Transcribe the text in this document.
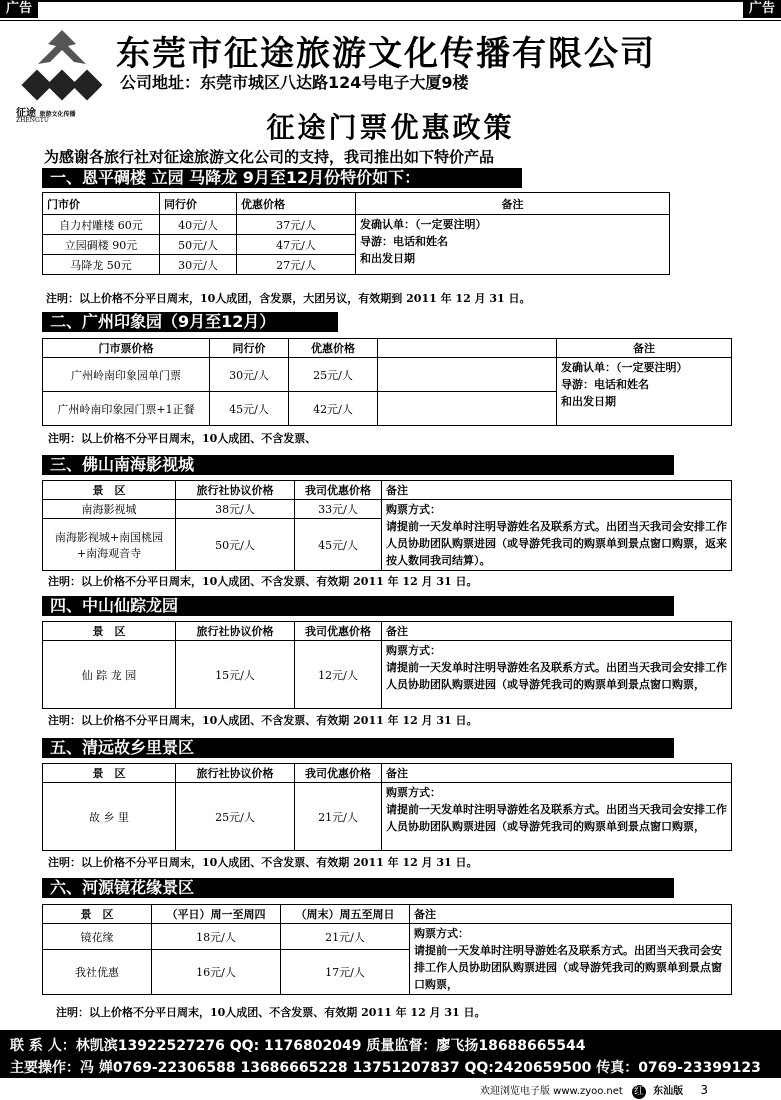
广告	广告
征途 旅游文化传播
ZHENGTU
东莞市征途旅游文化传播有限公司
公司地址：东莞市城区八达路124号电子大厦9楼
征途门票优惠政策
为感谢各旅行社对征途旅游文化公司的支持，我司推出如下特价产品
一、恩平碉楼 立园 马降龙 9月至12月份特价如下：
门市价	同行价	优惠价格	备注
自力村雕楼 60元	40元/人	37元/人	发确认单：（一定要注明）
导游：电话和姓名
和出发日期
立园碉楼 90元	50元/人	47元/人	
马降龙 50元	30元/人	27元/人	
注明：以上价格不分平日周末，10人成团，含发票，大团另议，有效期到 2011 年 12 月 31 日。
二、广州印象园（9月至12月）
门市票价格	同行价	优惠价格		备注
广州岭南印象园单门票	30元/人	25元/人		发确认单：（一定要注明）
导游：电话和姓名
和出发日期
广州岭南印象园门票+1正餐	45元/人	42元/人		
注明：以上价格不分平日周末，10人成团、不含发票、
三、佛山南海影视城
景　区	旅行社协议价格	我司优惠价格	备注
南海影视城	38元/人	33元/人	购票方式：
请提前一天发单时注明导游姓名及联系方式。出团当天我司会安排工作人员协助团队购票进园（或导游凭我司的购票单到景点窗口购票，返来按人数同我司结算）。
南海影视城+南国桃园+南海观音寺	50元/人	45元/人	
注明：以上价格不分平日周末，10人成团、不含发票、有效期 2011 年 12 月 31 日。
四、中山仙踪龙园
景　区	旅行社协议价格	我司优惠价格	备注
仙 踪 龙 园	15元/人	12元/人	购票方式：
请提前一天发单时注明导游姓名及联系方式。出团当天我司会安排工作人员协助团队购票进园（或导游凭我司的购票单到景点窗口购票，
注明：以上价格不分平日周末，10人成团、不含发票、有效期 2011 年 12 月 31 日。
五、清远故乡里景区
景　区	旅行社协议价格	我司优惠价格	备注
故 乡 里	25元/人	21元/人	购票方式：
请提前一天发单时注明导游姓名及联系方式。出团当天我司会安排工作人员协助团队购票进园（或导游凭我司的购票单到景点窗口购票，
注明：以上价格不分平日周末，10人成团、不含发票、有效期 2011 年 12 月 31 日。
六、河源镜花缘景区
景　区	（平日）周一至周四	（周末）周五至周日	备注
镜花缘	18元/人	21元/人	购票方式：
请提前一天发单时注明导游姓名及联系方式。出团当天我司会安排工作人员协助团队购票进园（或导游凭我司的购票单到景点窗口购票，
我社优惠	16元/人	17元/人	
注明：以上价格不分平日周末，10人成团、不含发票、有效期 2011 年 12 月 31 日。
联 系 人：林凯滨13922527276 QQ: 1176802049 质量监督：廖飞扬18688665544
主要操作：冯 婵0769-22306588 13686665228 13751207837 QQ:2420659500 传真：0769-23399123
欢迎浏览电子版 www.zyoo.net 红 东汕版 3
